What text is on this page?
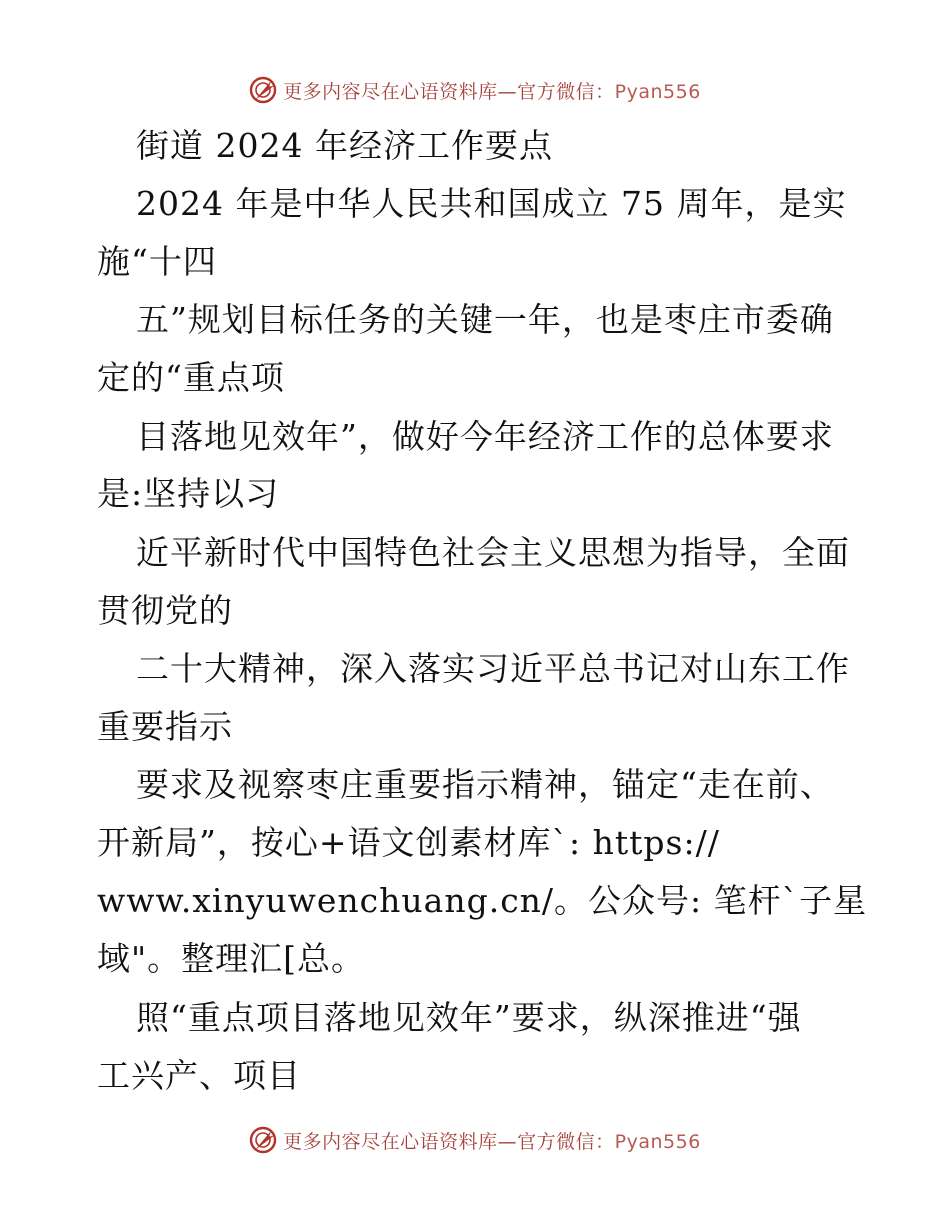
更多内容尽在心语资料库—官方微信：Pyan556
街道 2024 年经济工作要点
2024 年是中华人民共和国成立 75 周年，是实
施“十四
五”规划目标任务的关键一年，也是枣庄市委确
定的“重点项
目落地见效年”，做好今年经济工作的总体要求
是:坚持以习
近平新时代中国特色社会主义思想为指导，全面
贯彻党的
二十大精神，深入落实习近平总书记对山东工作
重要指示
要求及视察枣庄重要指示精神，锚定“走在前、
开新局”，按心+语文创素材库`: https://
www.xinyuwenchuang.cn/。公众号: 笔杆`子星
域"。整理汇[总。
照“重点项目落地见效年”要求，纵深推进“强
工兴产、项目
更多内容尽在心语资料库—官方微信：Pyan556
